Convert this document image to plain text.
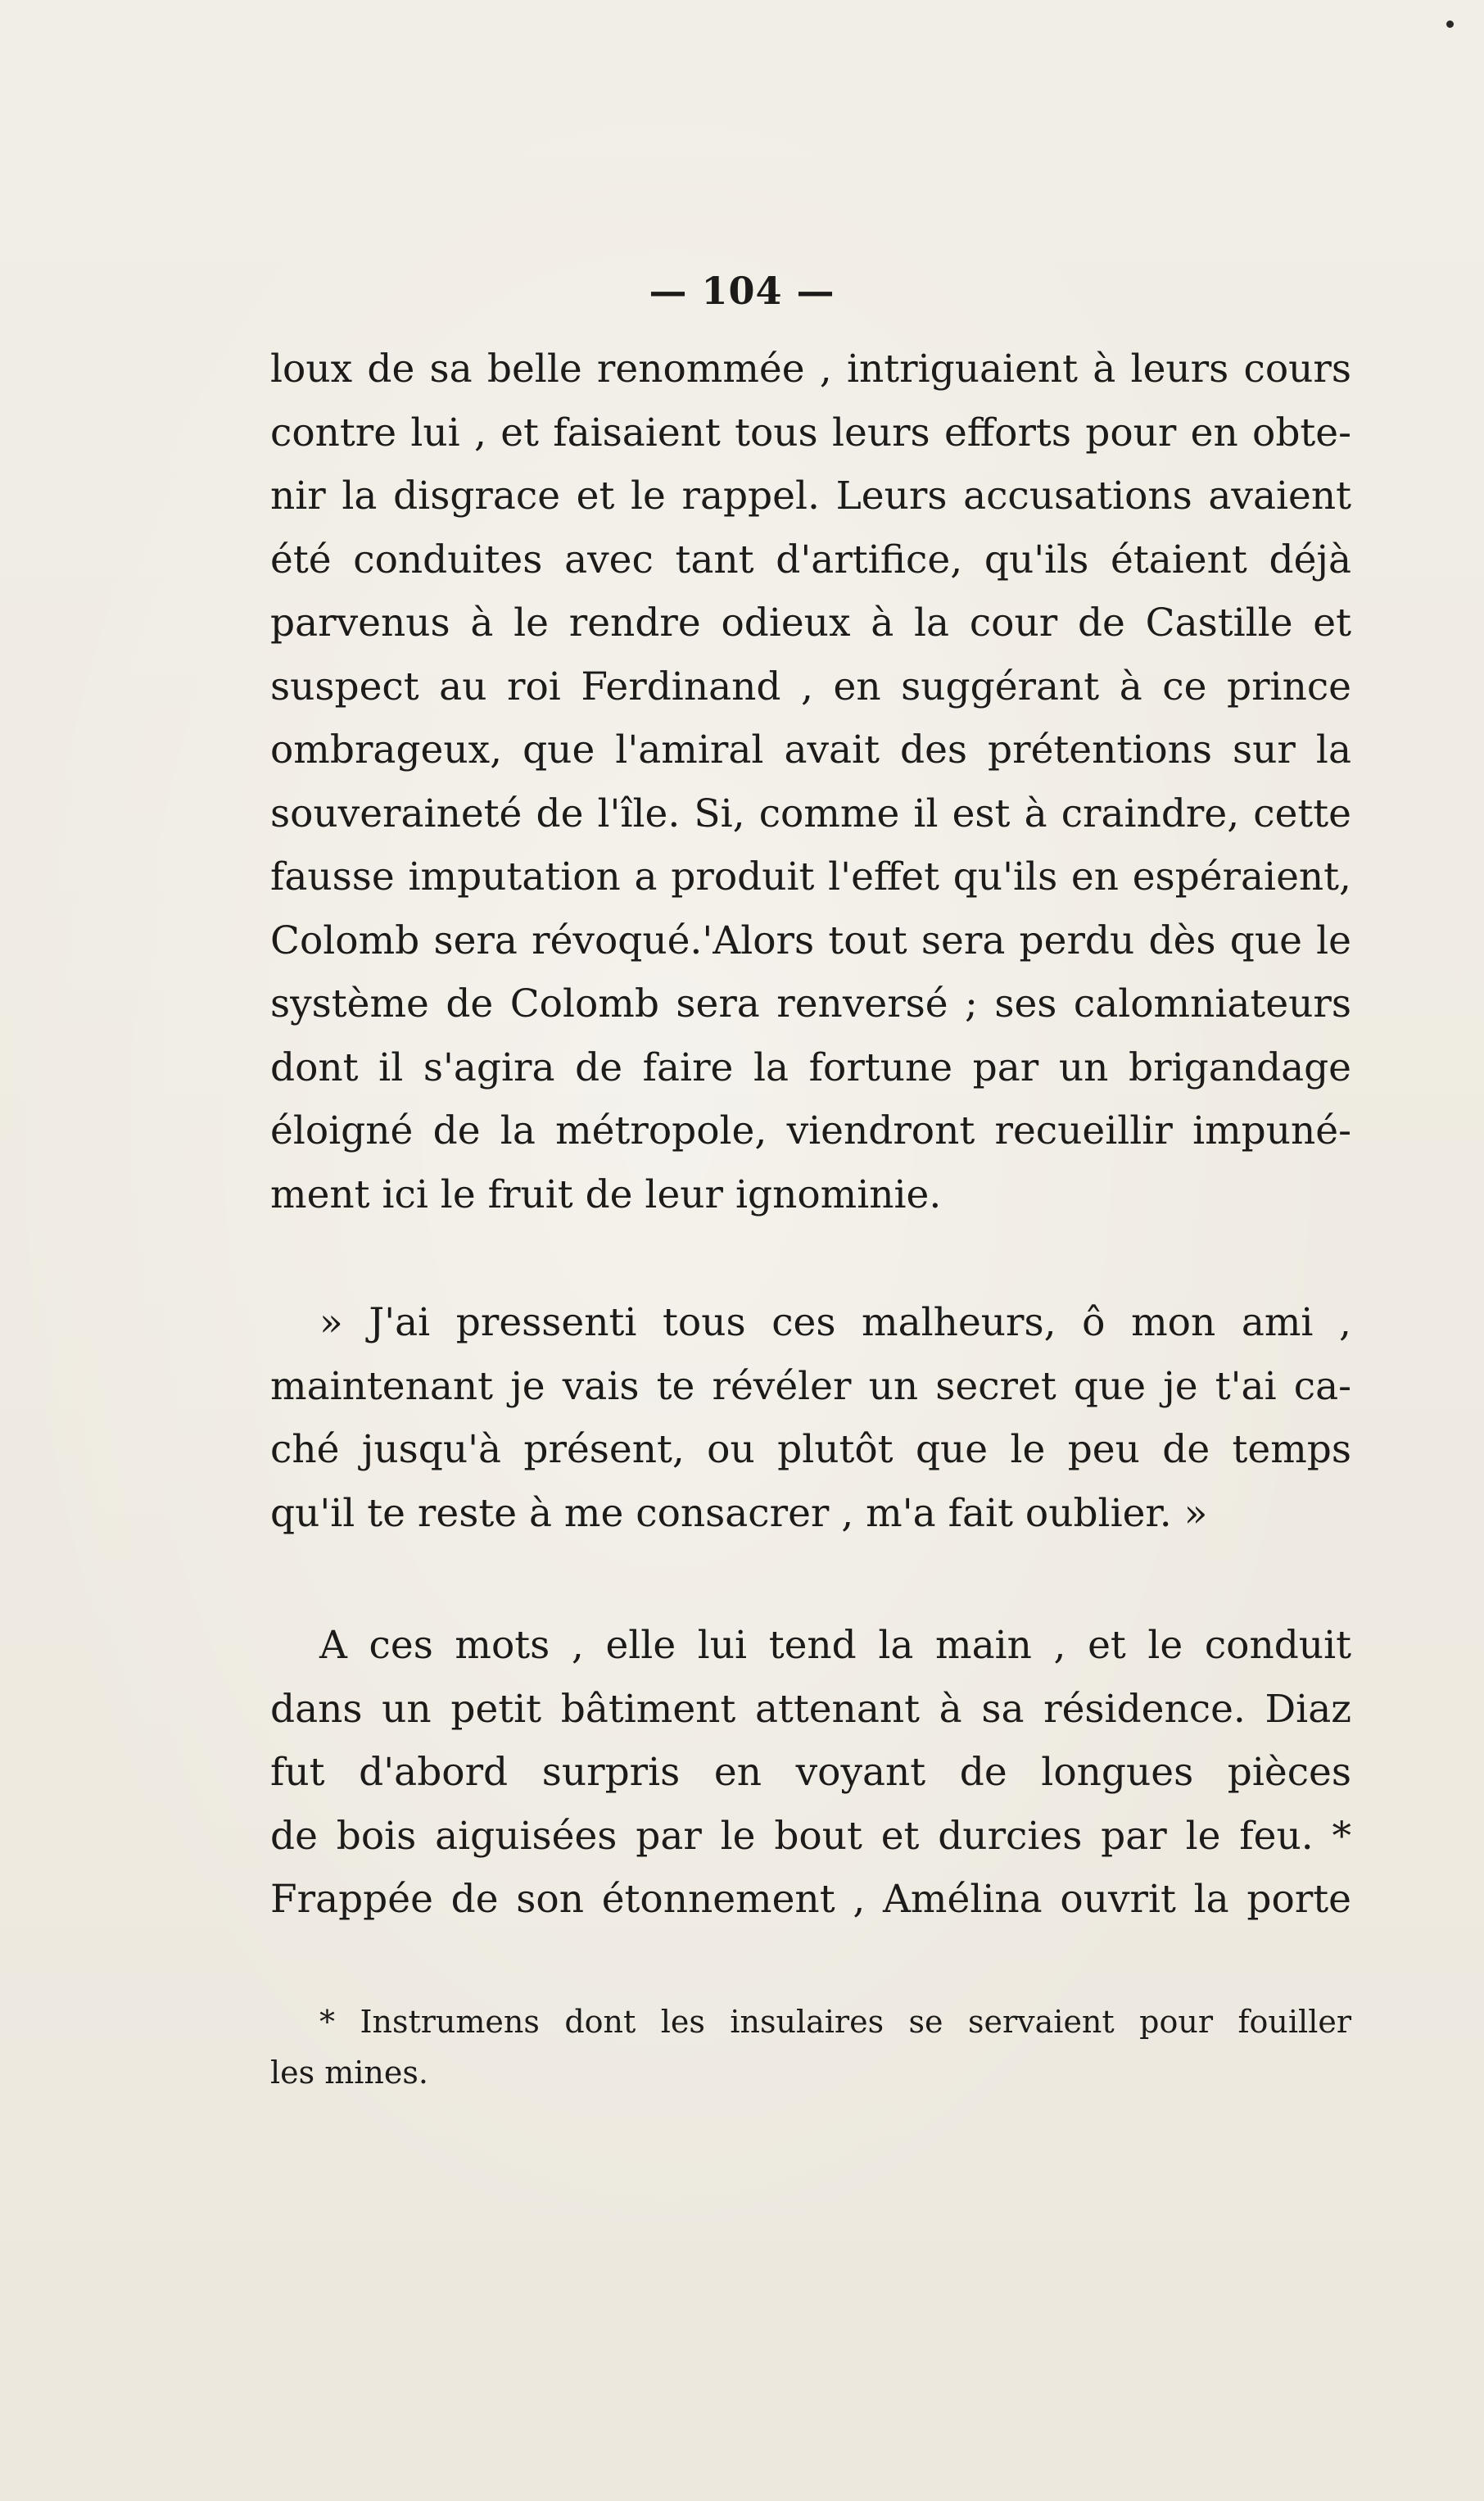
— 104 —
loux de sa belle renommée , intriguaient à leurs cours
contre lui , et faisaient tous leurs efforts pour en obte-
nir la disgrace et le rappel. Leurs accusations avaient
été conduites avec tant d'artifice, qu'ils étaient déjà
parvenus à le rendre odieux à la cour de Castille et
suspect au roi Ferdinand , en suggérant à ce prince
ombrageux, que l'amiral avait des prétentions sur la
souveraineté de l'île. Si, comme il est à craindre, cette
fausse imputation a produit l'effet qu'ils en espéraient,
Colomb sera révoqué.'Alors tout sera perdu dès que le
système de Colomb sera renversé ; ses calomniateurs
dont il s'agira de faire la fortune par un brigandage
éloigné de la métropole, viendront recueillir impuné-
ment ici le fruit de leur ignominie.
» J'ai pressenti tous ces malheurs, ô mon ami ,
maintenant je vais te révéler un secret que je t'ai ca-
ché jusqu'à présent, ou plutôt que le peu de temps
qu'il te reste à me consacrer , m'a fait oublier. »
A ces mots , elle lui tend la main , et le conduit
dans un petit bâtiment attenant à sa résidence. Diaz
fut d'abord surpris en voyant de longues pièces
de bois aiguisées par le bout et durcies par le feu. *
Frappée de son étonnement , Amélina ouvrit la porte
* Instrumens dont les insulaires se servaient pour fouiller
les mines.
